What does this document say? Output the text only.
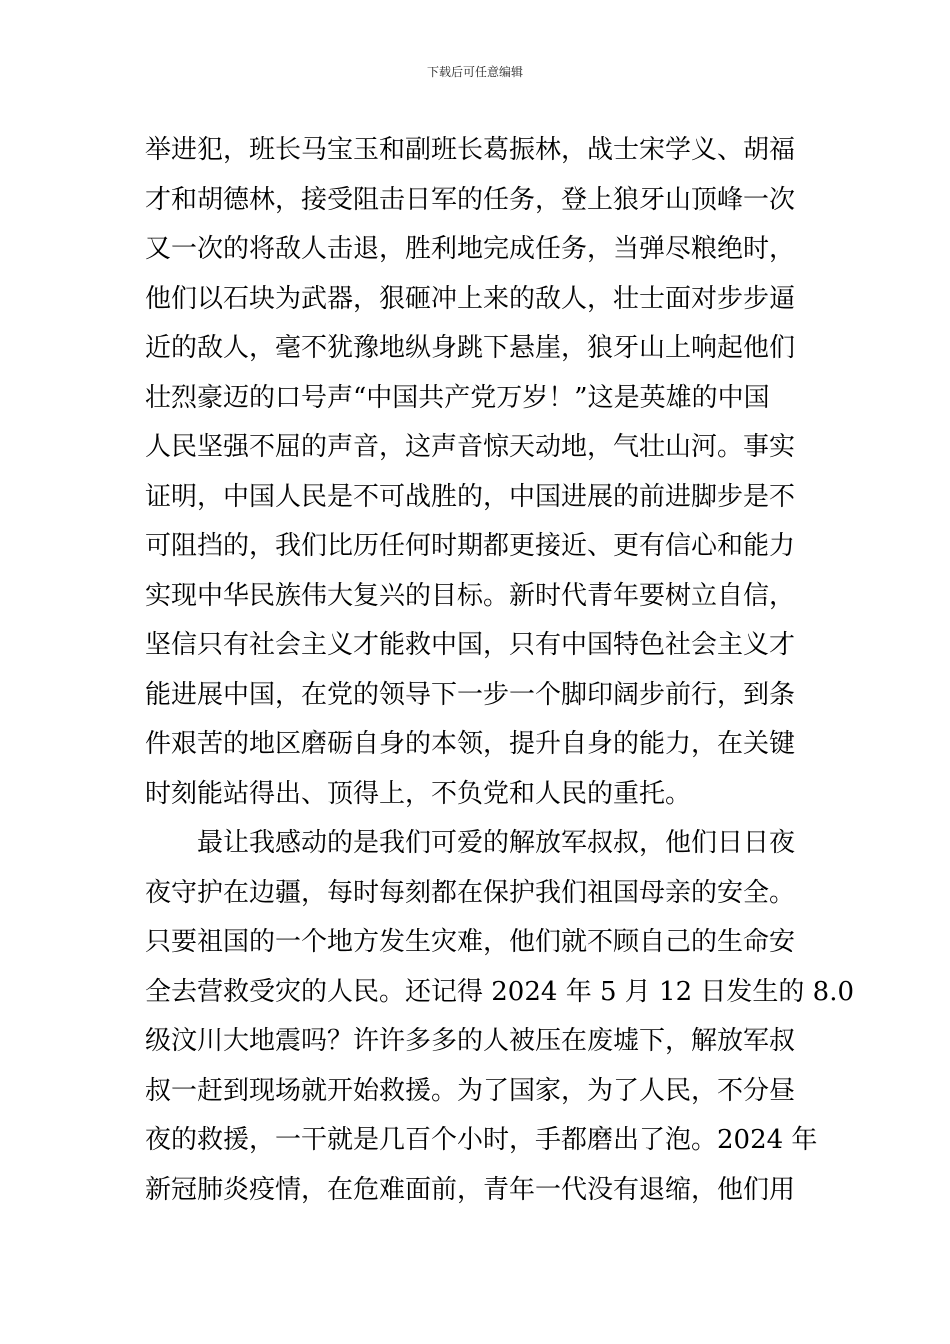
下载后可任意编辑
举进犯，班长马宝玉和副班长葛振林，战士宋学义、胡福
才和胡德林，接受阻击日军的任务，登上狼牙山顶峰一次
又一次的将敌人击退，胜利地完成任务，当弹尽粮绝时，
他们以石块为武器，狠砸冲上来的敌人，壮士面对步步逼
近的敌人，毫不犹豫地纵身跳下悬崖，狼牙山上响起他们
壮烈豪迈的口号声“中国共产党万岁！”这是英雄的中国
人民坚强不屈的声音，这声音惊天动地，气壮山河。事实
证明，中国人民是不可战胜的，中国进展的前进脚步是不
可阻挡的，我们比历任何时期都更接近、更有信心和能力
实现中华民族伟大复兴的目标。新时代青年要树立自信，
坚信只有社会主义才能救中国，只有中国特色社会主义才
能进展中国，在党的领导下一步一个脚印阔步前行，到条
件艰苦的地区磨砺自身的本领，提升自身的能力，在关键
时刻能站得出、顶得上，不负党和人民的重托。
最让我感动的是我们可爱的解放军叔叔，他们日日夜
夜守护在边疆，每时每刻都在保护我们祖国母亲的安全。
只要祖国的一个地方发生灾难，他们就不顾自己的生命安
全去营救受灾的人民。还记得 2024 年 5 月 12 日发生的 8.0
级汶川大地震吗？许许多多的人被压在废墟下，解放军叔
叔一赶到现场就开始救援。为了国家，为了人民，不分昼
夜的救援，一干就是几百个小时，手都磨出了泡。2024 年
新冠肺炎疫情，在危难面前，青年一代没有退缩，他们用
